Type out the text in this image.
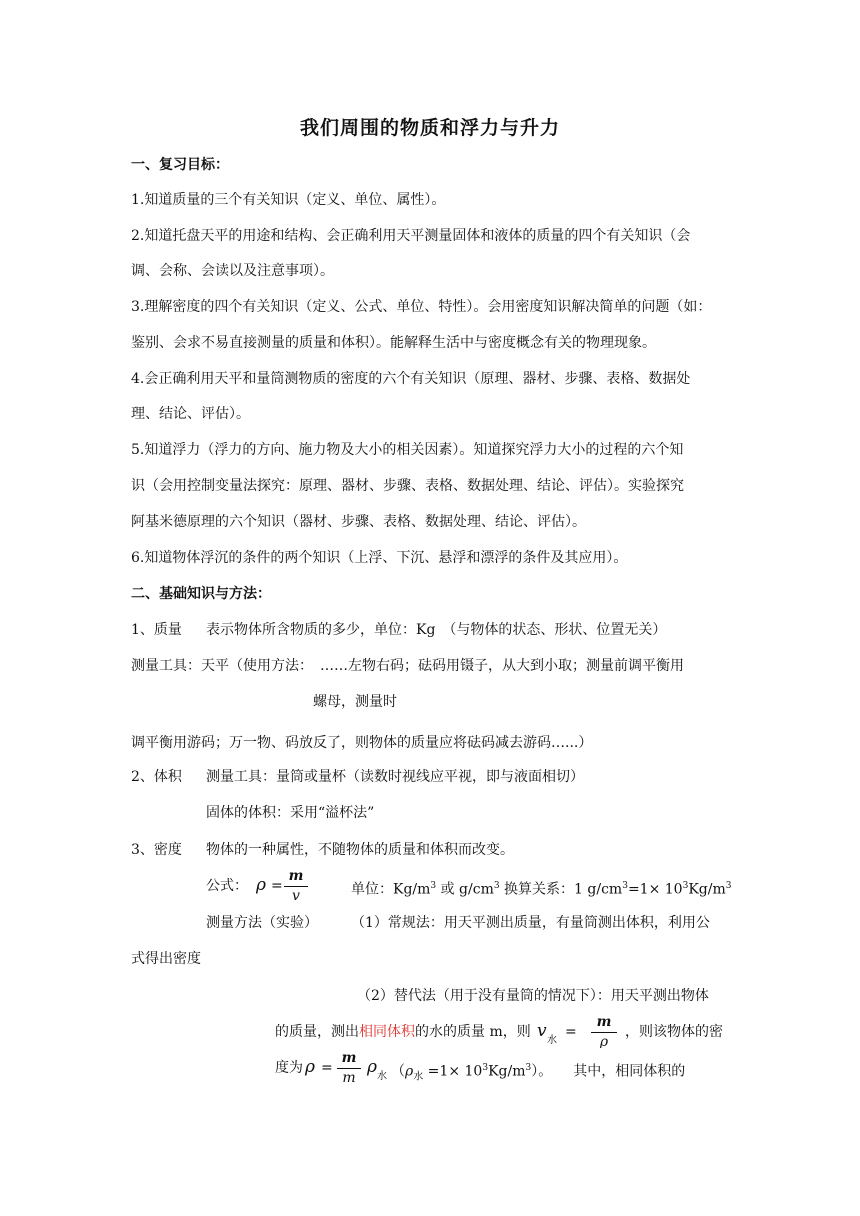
我们周围的物质和浮力与升力
一、复习目标：
1.知道质量的三个有关知识（定义、单位、属性）。
2.知道托盘天平的用途和结构、会正确利用天平测量固体和液体的质量的四个有关知识（会
调、会称、会读以及注意事项）。
3.理解密度的四个有关知识（定义、公式、单位、特性）。会用密度知识解决简单的问题（如：
鉴别、会求不易直接测量的质量和体积）。能解释生活中与密度概念有关的物理现象。
4.会正确利用天平和量筒测物质的密度的六个有关知识（原理、器材、步骤、表格、数据处
理、结论、评估）。
5.知道浮力（浮力的方向、施力物及大小的相关因素）。知道探究浮力大小的过程的六个知
识（会用控制变量法探究：原理、器材、步骤、表格、数据处理、结论、评估）。实验探究
阿基米德原理的六个知识（器材、步骤、表格、数据处理、结论、评估）。
6.知道物体浮沉的条件的两个知识（上浮、下沉、悬浮和漂浮的条件及其应用）。
二、基础知识与方法：
1、质量 表示物体所含物质的多少，单位：Kg　（与物体的状态、形状、位置无关）
测量工具：天平（使用方法：　……左物右码；砝码用镊子，从大到小取；测量前调平衡用
螺母，测量时
调平衡用游码；万一物、码放反了，则物体的质量应将砝码减去游码…...）
2、体积 测量工具：量筒或量杯（读数时视线应平视，即与液面相切）
固体的体积：采用“溢杯法”
3、密度 物体的一种属性，不随物体的质量和体积而改变。
公式： ρ =
m
v	单位：$Kg/m^3$ 或 $g/cm^3$ 换算关系：1 $g/cm^3=1\times 10^3Kg/m^3$
测量方法（实验） （1）常规法：用天平测出质量，有量筒测出体积，利用公
式得出密度
（2）替代法（用于没有量筒的情况下）：用天平测出物体
的质量，测出 相同体积 的水的质量 m，则 v 水
=
m
ρ
，则该物体的密
度为 ρ =
m
m
ρ 水 $(\rho_水 =1\times 10^3Kg/m^3)$。　　其中，相同体积的
